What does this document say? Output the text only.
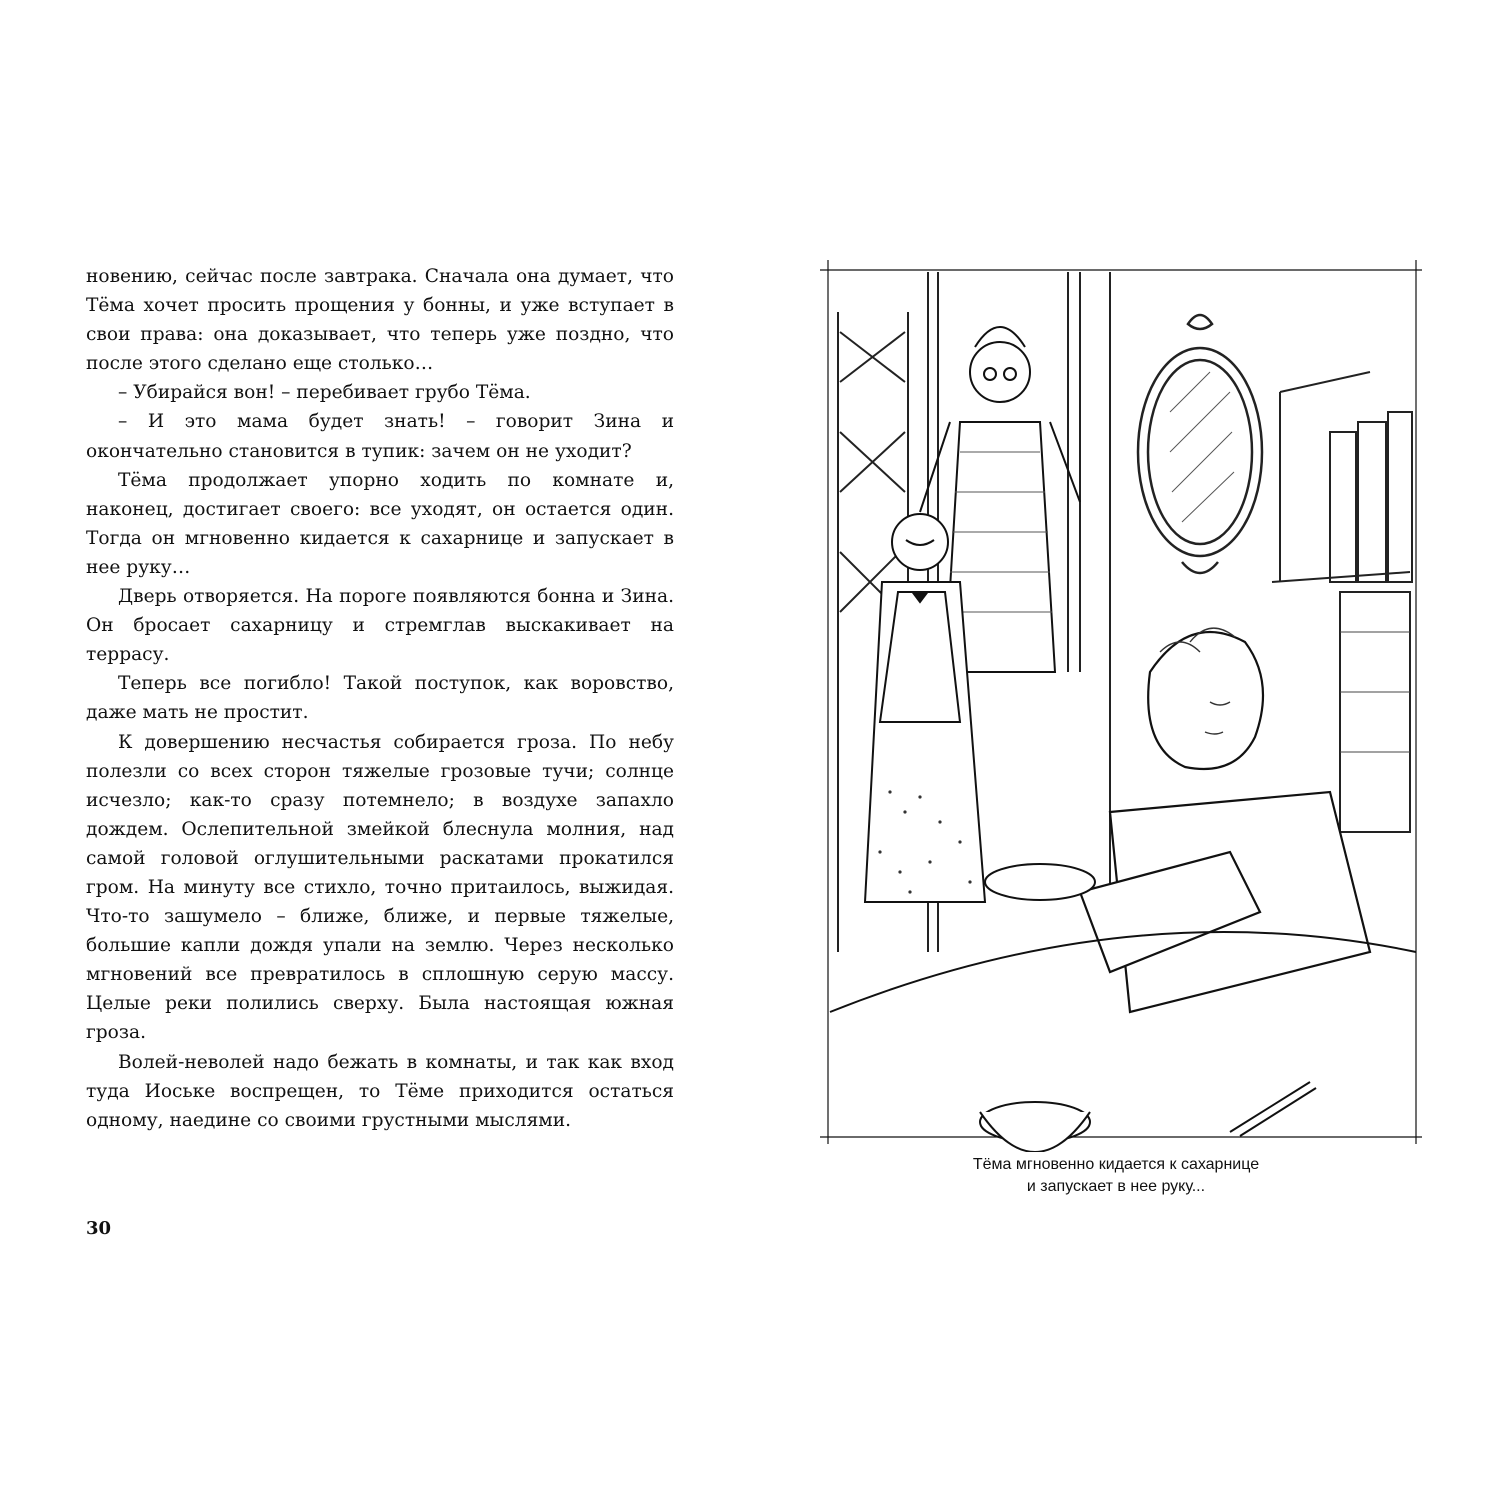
новению, сейчас после завтрака. Сначала она думает, что Тёма хочет просить прощения у бонны, и уже вступает в свои права: она доказывает, что теперь уже поздно, что после этого сделано еще столько…

– Убирайся вон! – перебивает грубо Тёма.

– И это мама будет знать! – говорит Зина и окончательно становится в тупик: зачем он не уходит?

Тёма продолжает упорно ходить по комнате и, наконец, достигает своего: все уходят, он остается один. Тогда он мгновенно кидается к сахарнице и запускает в нее руку…

Дверь отворяется. На пороге появляются бонна и Зина. Он бросает сахарницу и стремглав выскакивает на террасу.

Теперь все погибло! Такой поступок, как воровство, даже мать не простит.

К довершению несчастья собирается гроза. По небу полезли со всех сторон тяжелые грозовые тучи; солнце исчезло; как-то сразу потемнело; в воздухе запахло дождем. Ослепительной змейкой блеснула молния, над самой головой оглушительными раскатами прокатился гром. На минуту все стихло, точно притаилось, выжидая. Что-то зашумело – ближе, ближе, и первые тяжелые, большие капли дождя упали на землю. Через несколько мгновений все превратилось в сплошную серую массу. Целые реки полились сверху. Была настоящая южная гроза.

Волей-неволей надо бежать в комнаты, и так как вход туда Иоське воспрещен, то Тёме приходится остаться одному, наедине со своими грустными мыслями.

30
Тёма мгновенно кидается к сахарнице
и запускает в нее руку...
